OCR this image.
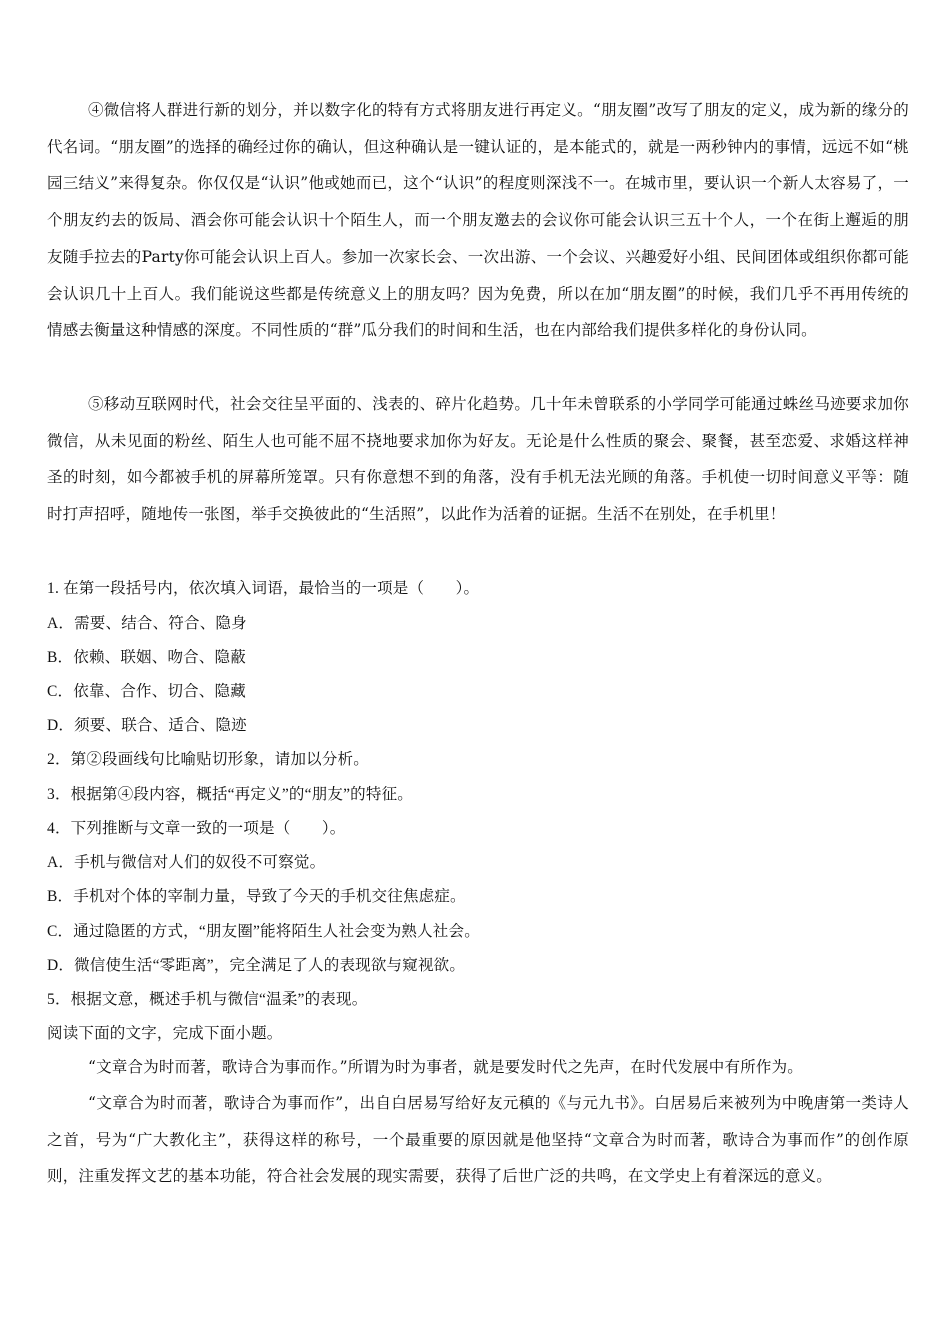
④微信将人群进行新的划分，并以数字化的特有方式将朋友进行再定义。“朋友圈”改写了朋友的定义，成为新的缘分的代名词。“朋友圈”的选择的确经过你的确认，但这种确认是一键认证的，是本能式的，就是一两秒钟内的事情，远远不如“桃园三结义”来得复杂。你仅仅是“认识”他或她而已，这个“认识”的程度则深浅不一。在城市里，要认识一个新人太容易了，一个朋友约去的饭局、酒会你可能会认识十个陌生人，而一个朋友邀去的会议你可能会认识三五十个人，一个在街上邂逅的朋友随手拉去的Party你可能会认识上百人。参加一次家长会、一次出游、一个会议、兴趣爱好小组、民间团体或组织你都可能会认识几十上百人。我们能说这些都是传统意义上的朋友吗？因为免费，所以在加“朋友圈”的时候，我们几乎不再用传统的情感去衡量这种情感的深度。不同性质的“群”瓜分我们的时间和生活，也在内部给我们提供多样化的身份认同。

⑤移动互联网时代，社会交往呈平面的、浅表的、碎片化趋势。几十年未曾联系的小学同学可能通过蛛丝马迹要求加你微信，从未见面的粉丝、陌生人也可能不屈不挠地要求加你为好友。无论是什么性质的聚会、聚餐，甚至恋爱、求婚这样神圣的时刻，如今都被手机的屏幕所笼罩。只有你意想不到的角落，没有手机无法光顾的角落。手机使一切时间意义平等：随时打声招呼，随地传一张图，举手交换彼此的“生活照”，以此作为活着的证据。生活不在别处，在手机里！

1. 在第一段括号内，依次填入词语，最恰当的一项是（　　）。
A．需要、结合、符合、隐身
B．依赖、联姻、吻合、隐蔽
C．依靠、合作、切合、隐藏
D．须要、联合、适合、隐迹
2．第②段画线句比喻贴切形象，请加以分析。
3．根据第④段内容，概括“再定义”的“朋友”的特征。
4．下列推断与文章一致的一项是（　　）。
A．手机与微信对人们的奴役不可察觉。
B．手机对个体的宰制力量，导致了今天的手机交往焦虑症。
C．通过隐匿的方式，“朋友圈”能将陌生人社会变为熟人社会。
D．微信使生活“零距离”，完全满足了人的表现欲与窥视欲。
5．根据文意，概述手机与微信“温柔”的表现。
阅读下面的文字，完成下面小题。

“文章合为时而著，歌诗合为事而作。”所谓为时为事者，就是要发时代之先声，在时代发展中有所作为。

“文章合为时而著，歌诗合为事而作”，出自白居易写给好友元稹的《与元九书》。白居易后来被列为中晚唐第一类诗人之首，号为“广大教化主”，获得这样的称号，一个最重要的原因就是他坚持“文章合为时而著，歌诗合为事而作”的创作原则，注重发挥文艺的基本功能，符合社会发展的现实需要，获得了后世广泛的共鸣，在文学史上有着深远的意义。
